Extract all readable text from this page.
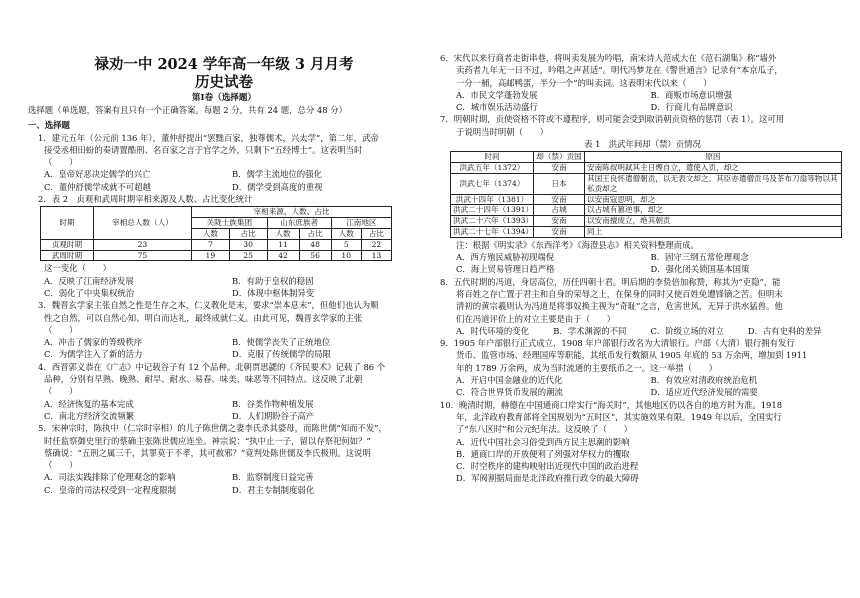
禄劝一中 2024 学年高一年级 3 月月考
历史试卷
第Ⅰ卷（选择题）
选择题（单选题，答案有且只有一个正确答案。每题 2 分，共有 24 题，总分 48 分）
一、选择题
1．建元五年（公元前 136 年），董仲舒提出“罢黜百家，独尊儒术，兴太学”，第二年，武帝
接受丞相田蚡的奏请置酷刑、名百家之言于官学之外，只剩下“五经博士”。这表明当时
（　　）
A．皇帝好恶决定儒学的兴亡	B．儒学主流地位的强化
C．董仲舒儒学成就不可超越	D．儒学受到高度的重视
2．表 2　贞观和武周时期宰相来源及人数、占比变化统计
时期	宰相总人数（人）	宰相来源、人数、占比					
		关陇士族集团		山东庶族者		江南地区	
		人数	占比	人数	占比	人数	占比
贞观时期	23	7	30	11	48	5	22
武周时期	75	19	25	42	56	10	13
这一变化（　　）
A．反映了江南经济发展	B．有助于皇权的稳固
C．弱化了中央集权统治	D．体现中枢体制异变
3．魏晋玄学家主张自然之性是生存之本，仁义教化是末，要求“崇本息末”，但他们也认为顺
性之自然，可以自然心知、明白而达礼，最终成就仁义。由此可见，魏晋玄学家的主张
（　　）
A．冲击了儒家的等级秩序	B．使儒学丧失了正统地位
C．为儒学注入了新的活力	D．克服了传统儒学的局限
4．西晋郭义恭在《广志》中记载谷子有 12 个品种。北朝贾思勰的《齐民要术》记载了 86 个
品种，分别有早熟、晚熟、耐旱、耐水、易春、味美、味恶等不同特点。这反映了北朝
（　　）
A．经济恢复的基本完成	B．谷类作物种植发展
C．南北方经济交流频繁	D．人们期盼谷子高产
5．宋神宗时，陈执中（仁宗时宰相）的儿子陈世儒之妻李氏杀其婆母，而陈世儒“知而不发”，
时任监察御史里行的蔡确主张陈世儒应连坐。神宗说：“执中止一子，留以存祭祀何如？”
蔡确说：“五刑之属三千，其罪莫于不孝，其可赦邪？”竟判处陈世儒及李氏极刑。这说明
（　　）
A．司法实践排除了伦理观念的影响	B．监察制度日益完善
C．皇帝的司法权受到一定程度限制	D．君主专制制度弱化
6．宋代以来行商者走街串巷，将叫卖发展为吟唱，南宋诗人范成大在《范石湖集》称“墙外
卖药者九年无一日不过，吟唱之声甚适”。明代冯梦龙在《警世通言》记录有“本京瓜子，
一分一桶，高邮鸭蛋，半分一个”的叫卖词。这表明宋代以来（　　）
A．市民文学蓬勃发展	B．商贩市场意识增强
C．城市娱乐活动盛行	D．行商儿有品牌意识
7．明朝时期，贡使资格不符或不遵程序，则可能会受到取消朝贡资格的惩罚（表 1）。这可用
于说明当时明朝（　　）
表 1　洪武年间却（禁）贡情况
时间	却（禁）贡国	原因
洪武五年（1372）	安南	安南陈叔明弑其主日熞自立，遣使入贡，却之
洪武七年（1374）	日本	其国王良怀遣僧朝贡，以无表文却之。其臣亦遣僧贡马及茶布刀扇等物以其私贡却之
洪武十四年（1381）	安南	以安南寇思明，却之
洪武二十四年（1391）	占城	以占城有篡逆事，却之
洪武二十六年（1393）	安南	以安南擅废立，绝其朝贡
洪武二十七年（1394）	安南	同上
注：根据《明实录》《东西洋考》《海澄县志》相关资料整理而成。
A．西方殖民威胁初现端倪	B．固守三纲五常伦理观念
C．海上贸易管理日趋严格	D．强化闭关锁国基本国策
8．五代时期的冯道，身居高位，历任四朝十君。明后期的李贽倍加称赞，称其为“吏隐”，能
将百姓之存亡置于君主和自身的荣辱之上，在保身的同时又使百姓免遭锋镝之苦。但明末
清初的黄宗羲则认为冯道是将事奴换主视为“奇耻”之言，危害世风，无异于洪水猛兽。他
们在冯道评价上的对立主要是由于（　　）
A．时代环境的变化	B．学术渊源的不同	C．阶级立场的对立	D．古有史料的差异
9．1905 年户部银行正式成立，1908 年户部银行改名为大清银行。户部（大清）银行拥有发行
货币、监管市场、经理国库等职能，其纸币发行数额从 1905 年底的 53 万余两，增加到 1911
年的 1789 万余两，成为当时流通的主要纸币之一。这一举措（　　）
A．开启中国金融业的近代化	B．有效应对清政府统治危机
C．符合世界货币发展的潮流	D．适应近代经济发展的需要
10．晚清时期，赫德在中国通商口岸实行“海关时”，其他地区仍以各自的地方时为准。1918
年，北洋政府教育部将全国规划为“五时区”，其实施效果有限。1949 年以后，全国实行
了“东八区时”和公元纪年法。这反映了（　　）
A．近代中国社会习俗受到西方民主思潮的影响
B．通商口岸的开放便利了列强对华权力的攫取
C．时空秩序的建构映射出近现代中国的政治进程
D．军阀割据局面是北洋政府推行政令的最大障碍
